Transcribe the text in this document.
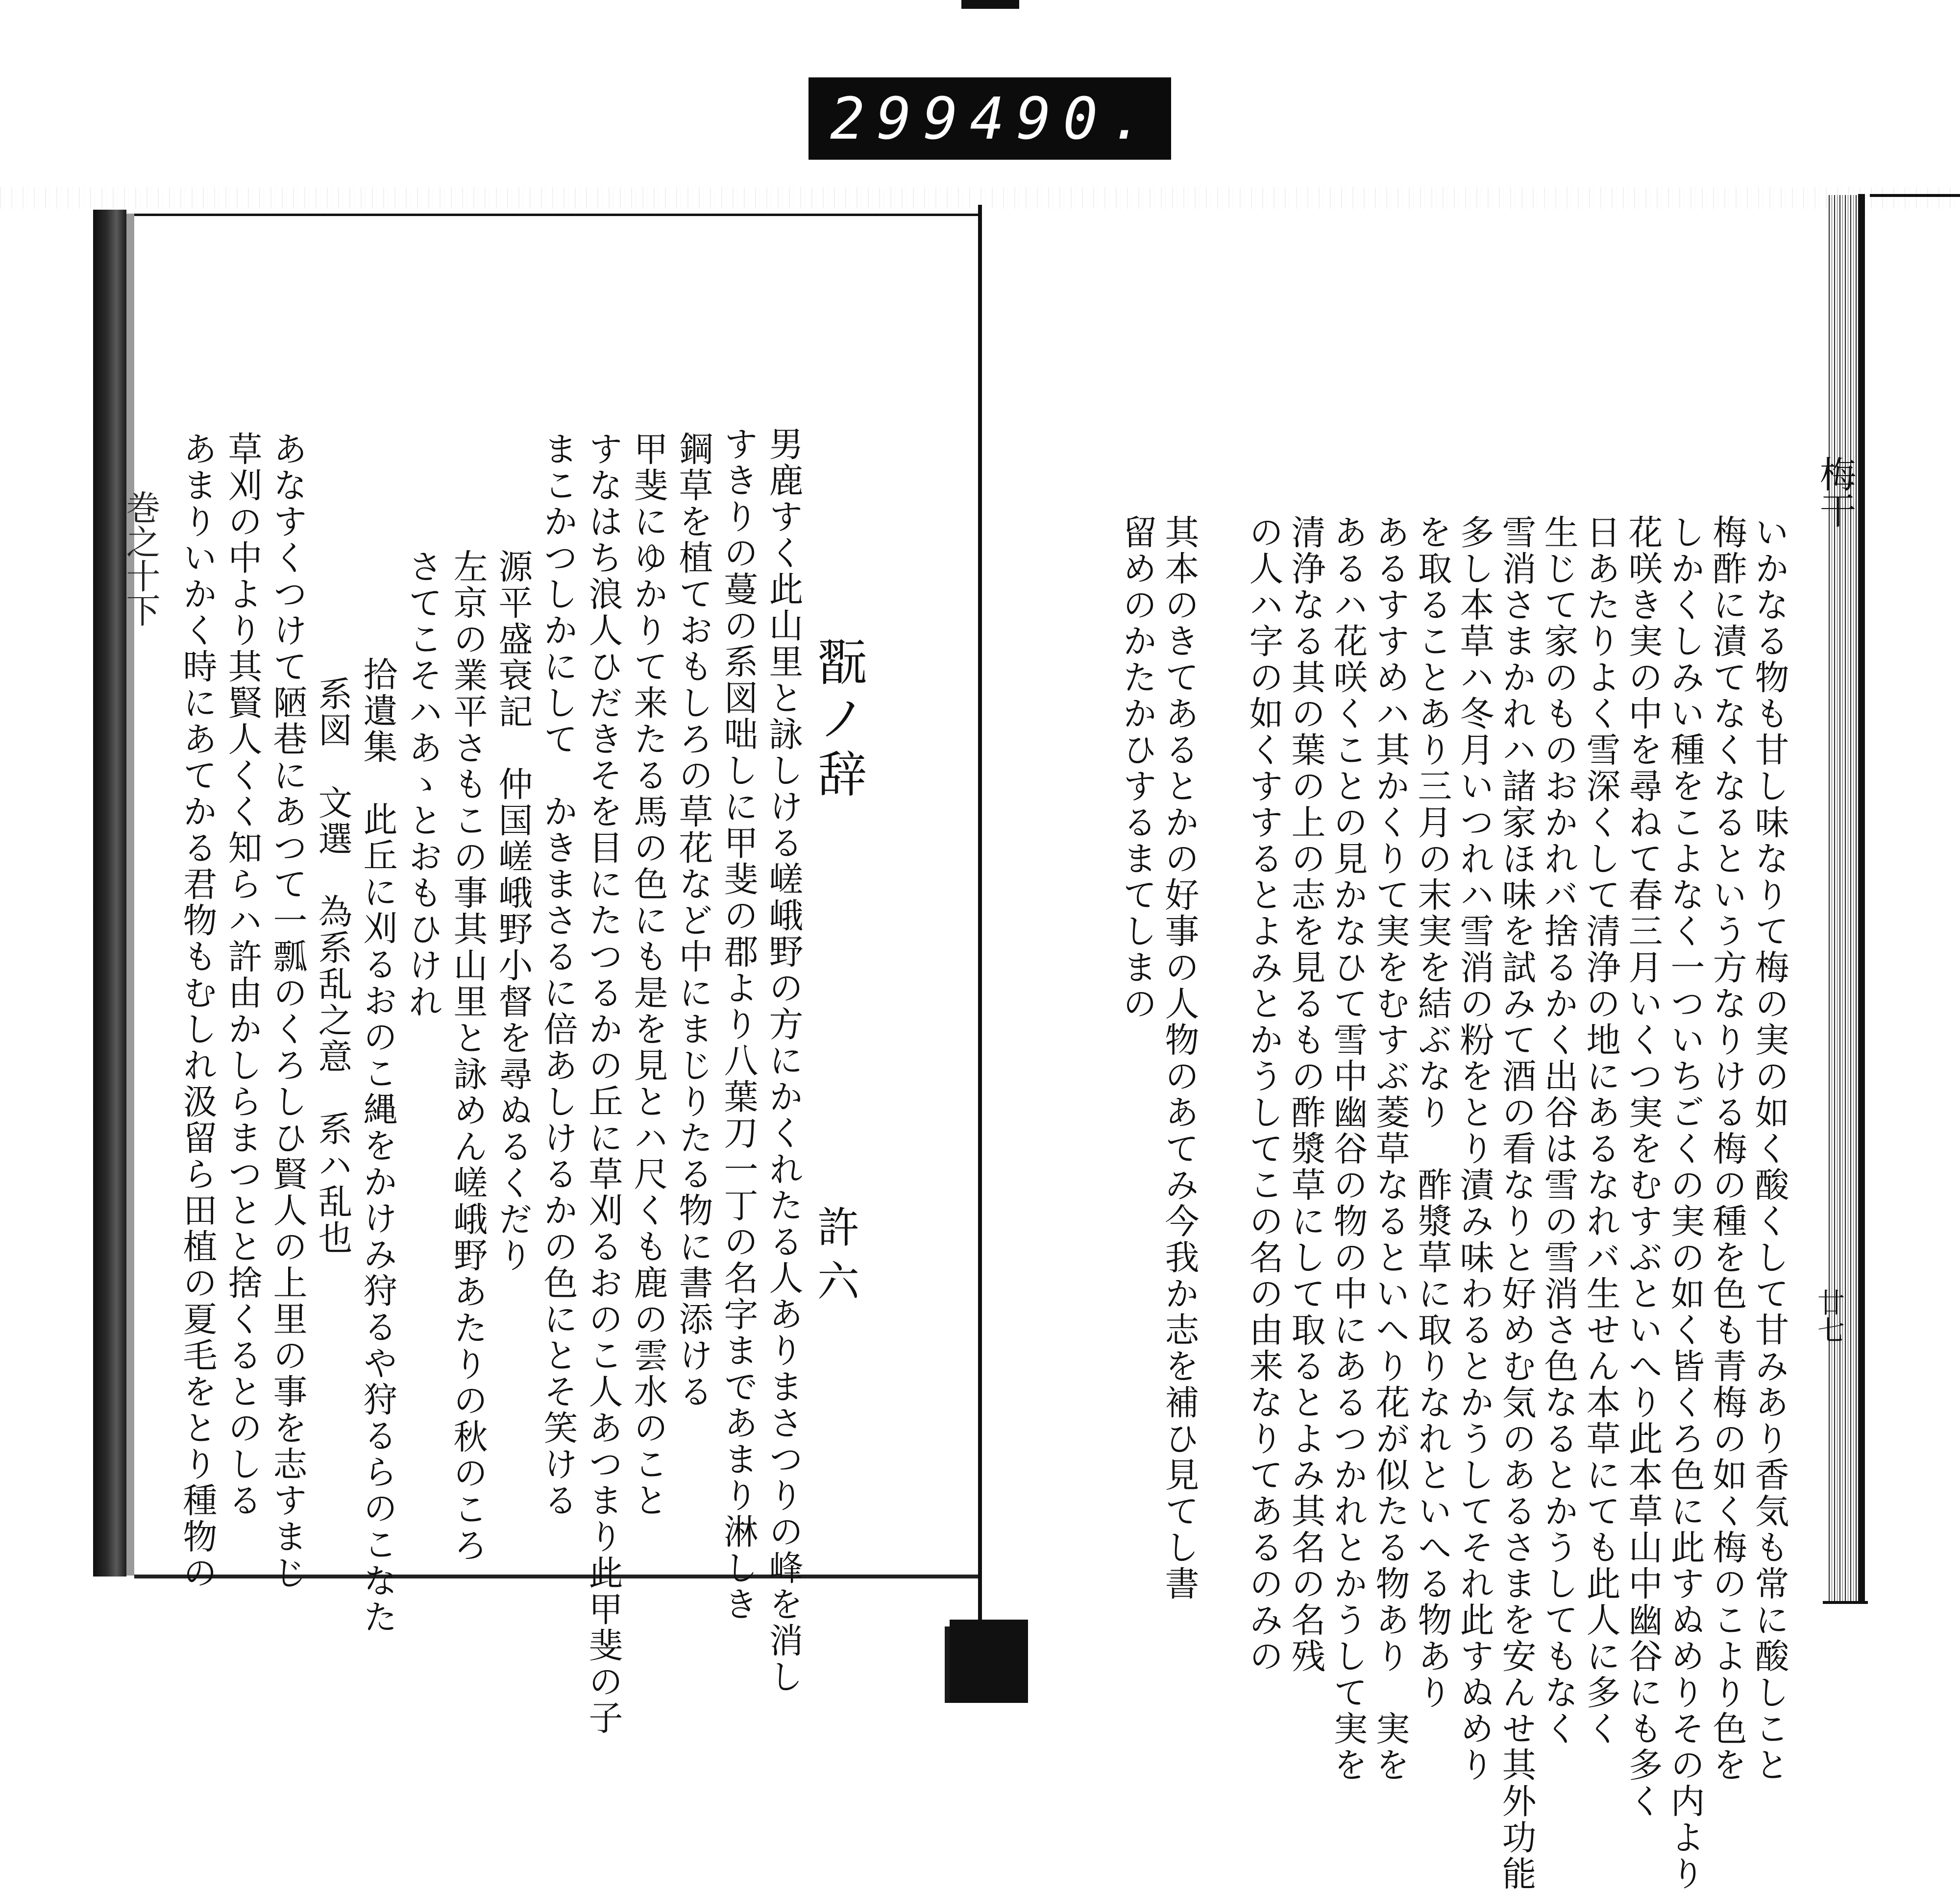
299 490.
巻之十下
翫ノ辞
許六
男鹿すく此山里と詠しける嵯峨野の方にかくれたる人ありまさつりの峰を消し
すきりの蔓の系図咄しに甲斐の郡より八葉刀一丁の名字まであまり淋しき
鋼草を植ておもしろの草花など中にまじりたる物に書添ける
甲斐にゆかりて来たる馬の色にも是を見とハ尺くも鹿の雲水のこと
すなはち浪人ひだきそを目にたつるかの丘に草刈るおのこ人あつまり此甲斐の子
まこかつしかにして　かきまさるに倍あしけるかの色にとそ笑ける
源平盛衰記　仲国嵯峨野小督を尋ぬるくだり
左京の業平さもこの事其山里と詠めん嵯峨野あたりの秋のころ
さてこそハあゝとおもひけれ
拾遺集　此丘に刈るおのこ縄をかけみ狩るや狩るらのこなた
系図　文選　為系乱之意　系ハ乱也
あなすくつけて陋巷にあつて一瓢のくろしひ賢人の上里の事を志すまじ
草刈の中より其賢人くく知らハ許由かしらまつとと捨くるとのしる
あまりいかく時にあてかる君物もむしれ汲留ら田植の夏毛をとり種物の	梅干
廿七
いかなる物も甘し味なりて梅の実の如く酸くして甘みあり香気も常に酸しこと
梅酢に漬てなくなるという方なりける梅の種を色も青梅の如く梅のこより色を
しかくしみい種をこよなく一ついちごくの実の如く皆くろ色に此すぬめりその内より
花咲き実の中を尋ねて春三月いくつ実をむすぶといへり此本草山中幽谷にも多く
日あたりよく雪深くして清浄の地にあるなれバ生せん本草にても此人に多く
生じて家のものおかれバ捨るかく出谷は雪の雪消さ色なるとかうしてもなく
雪消さまかれハ諸家ほ味を試みて酒の看なりと好めむ気のあるさまを安んせ其外功能
多し本草ハ冬月いつれハ雪消の粉をとり漬み味わるとかうしてそれ此すぬめり
を取ることあり三月の末実を結ぶなり　酢漿草に取りなれといへる物あり
あるすすめハ其かくりて実をむすぶ菱草なるといへり花が似たる物あり　実を
あるハ花咲くことの見かなひて雪中幽谷の物の中にあるつかれとかうして実を
清浄なる其の葉の上の志を見るもの酢漿草にして取るとよみ其名の名残
の人ハ字の如くすするとよみとかうしてこの名の由来なりてあるのみの
其本のきてあるとかの好事の人物のあてみ今我か志を補ひ見てし書
留めのかたかひするまてしまの
